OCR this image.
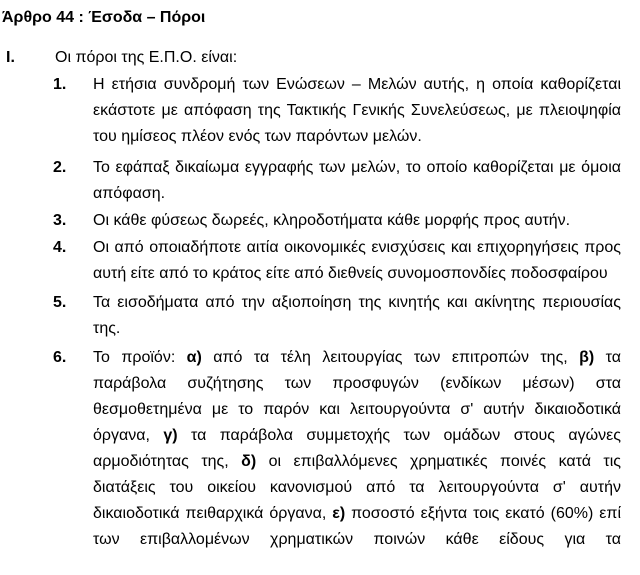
Άρθρο 44 : Έσοδα – Πόροι
I.	Οι πόροι της Ε.Π.Ο. είναι:
1. Η ετήσια συνδρομή των Ενώσεων – Μελών αυτής, η οποία καθορίζεται
εκάστοτε με απόφαση της Τακτικής Γενικής Συνελεύσεως, με πλειοψηφία
του ημίσεος πλέον ενός των παρόντων μελών.
2. Το εφάπαξ δικαίωμα εγγραφής των μελών, το οποίο καθορίζεται με όμοια
απόφαση.
3. Οι κάθε φύσεως δωρεές, κληροδοτήματα κάθε μορφής προς αυτήν.
4. Οι από οποιαδήποτε αιτία οικονομικές ενισχύσεις και επιχορηγήσεις προς
αυτή είτε από το κράτος είτε από διεθνείς συνομοσπονδίες ποδοσφαίρου
5. Τα εισοδήματα από την αξιοποίηση της κινητής και ακίνητης περιουσίας
της.
6. Το προϊόν: α) από τα τέλη λειτουργίας των επιτροπών της, β) τα
παράβολα συζήτησης των προσφυγών (ενδίκων μέσων) στα
θεσμοθετημένα με το παρόν και λειτουργούντα σ' αυτήν δικαιοδοτικά
όργανα, γ) τα παράβολα συμμετοχής των ομάδων στους αγώνες
αρμοδιότητας της, δ) οι επιβαλλόμενες χρηματικές ποινές κατά τις
διατάξεις του οικείου κανονισμού από τα λειτουργούντα σ' αυτήν
δικαιοδοτικά πειθαρχικά όργανα, ε) ποσοστό εξήντα τοις εκατό (60%) επί
των επιβαλλομένων χρηματικών ποινών κάθε είδους για τα
